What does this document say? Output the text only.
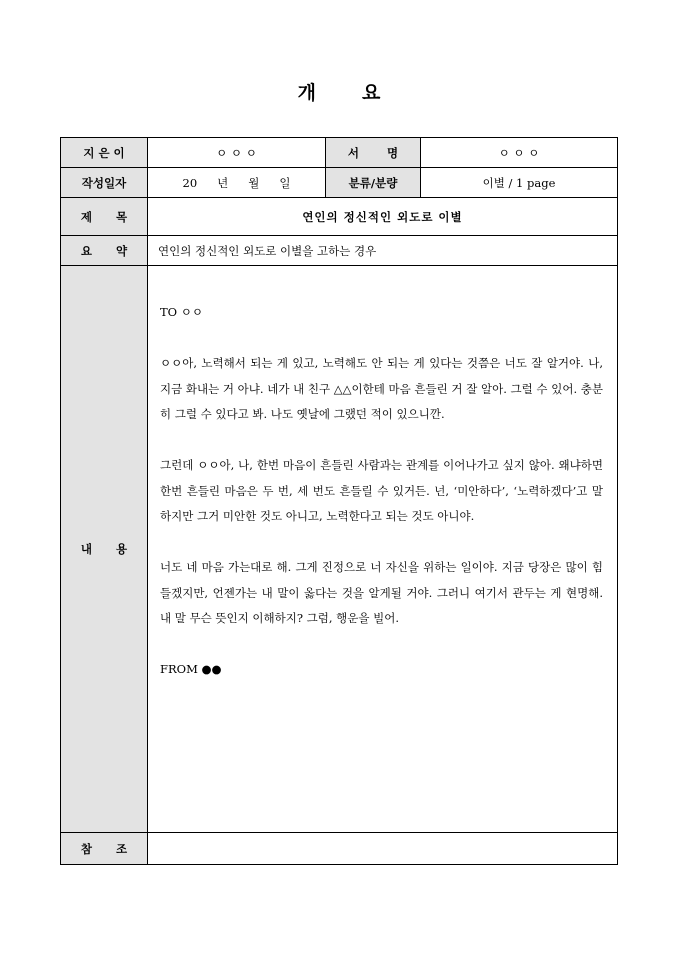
개 요
지 은 이	ㅇ ㅇ ㅇ	서       명	ㅇ ㅇ ㅇ
작성일자	20 년 월 일	분류/분량	이별 / 1 page
제      목	연인의 정신적인 외도로 이별		
요      약	연인의 정신적인 외도로 이별을 고하는 경우		
내      용	TO ㅇㅇ

ㅇㅇ아, 노력해서 되는 게 있고, 노력해도 안 되는 게 있다는 것쯤은 너도 잘 알거야. 나, 지금 화내는 거 아냐. 네가 내 친구 △△이한테 마음 흔들린 거 잘 알아. 그럴 수 있어. 충분히 그럴 수 있다고 봐. 나도 옛날에 그랬던 적이 있으니깐.

그런데 ㅇㅇ아, 나, 한번 마음이 흔들린 사람과는 관계를 이어나가고 싶지 않아. 왜냐하면 한번 흔들린 마음은 두 번, 세 번도 흔들릴 수 있거든. 넌, ‘미안하다’, ‘노력하겠다’고 말하지만 그거 미안한 것도 아니고, 노력한다고 되는 것도 아니야.

너도 네 마음 가는대로 해. 그게 진정으로 너 자신을 위하는 일이야. 지금 당장은 많이 힘들겠지만, 언젠가는 내 말이 옳다는 것을 알게될 거야. 그러니 여기서 관두는 게 현명해. 내 말 무슨 뜻인지 이해하지? 그럼, 행운을 빌어.

FROM ●●		

참      조			
